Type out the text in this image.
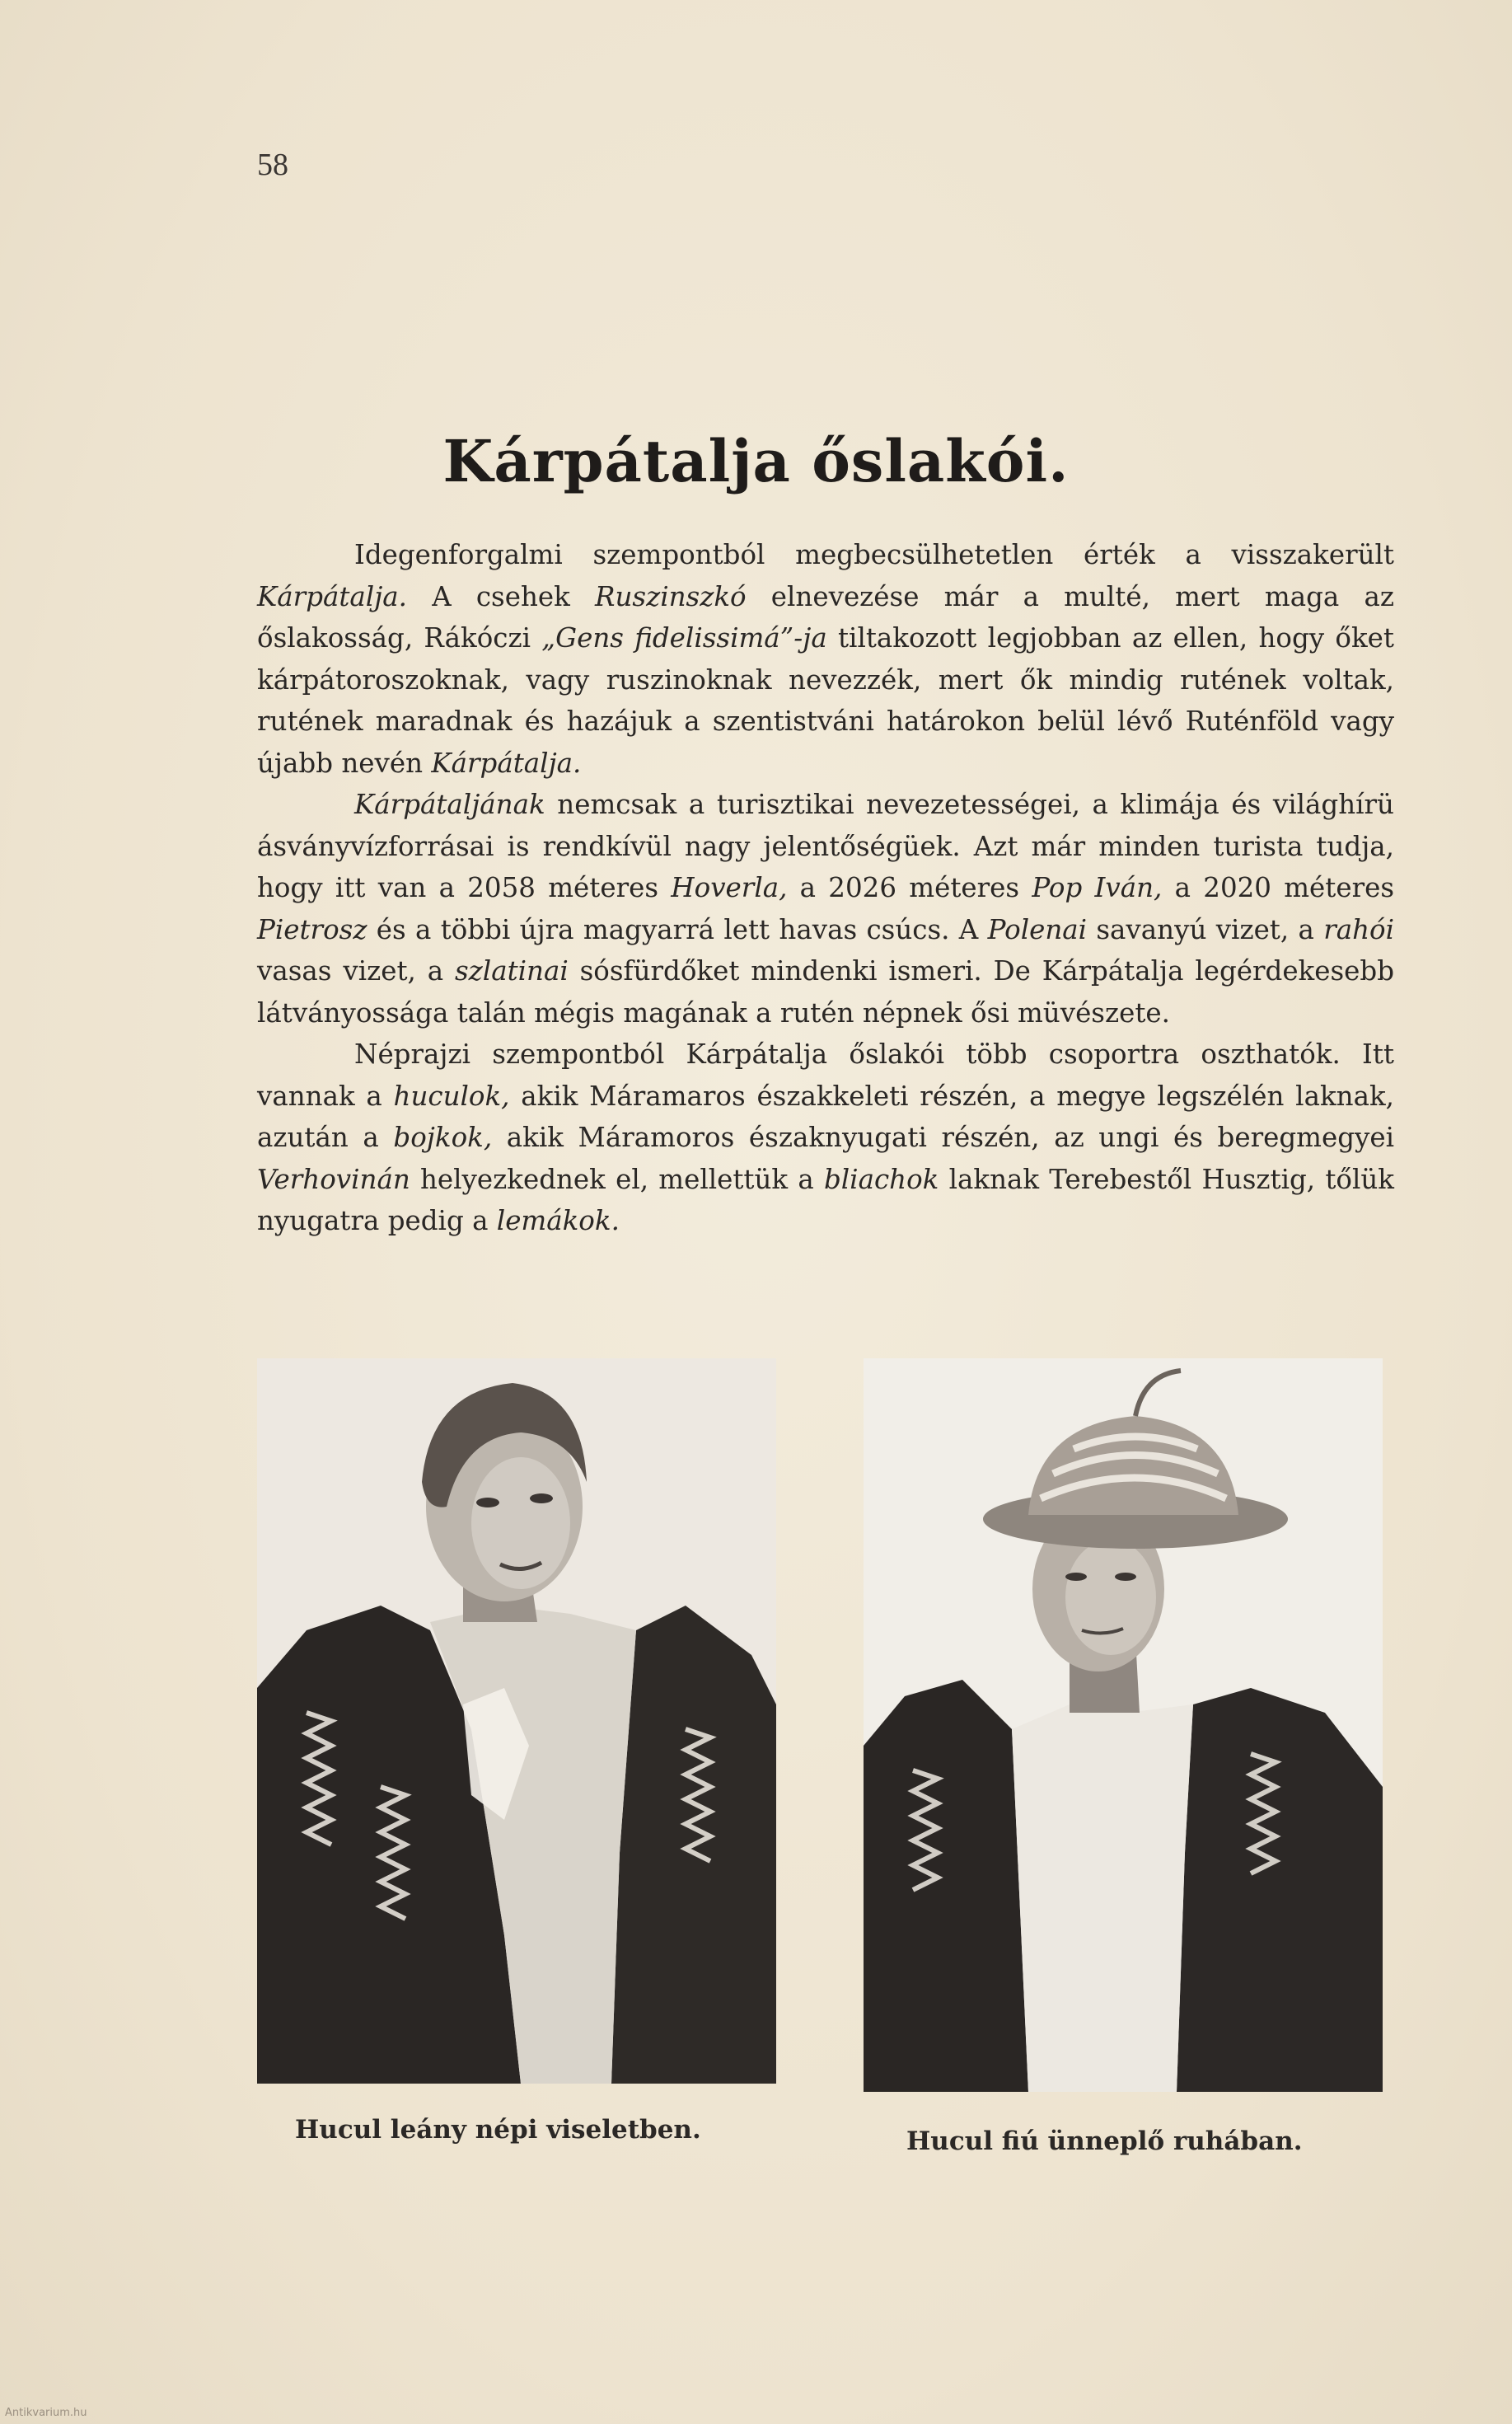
58
Kárpátalja őslakói.

Idegenforgalmi szempontból megbecsülhetetlen érték a visszakerült Kárpátalja. A csehek Ruszinszkó elnevezése már a multé, mert maga az őslakosság, Rákóczi „Gens fidelissimá”-ja tiltakozott legjobban az ellen, hogy őket kárpátoroszoknak, vagy ruszinoknak nevezzék, mert ők mindig rutének voltak, rutének maradnak és hazájuk a szentistváni határokon belül lévő Ruténföld vagy újabb nevén Kárpátalja.

Kárpátaljának nemcsak a turisztikai nevezetességei, a klimája és világhírü ásványvízforrásai is rendkívül nagy jelentőségüek. Azt már minden turista tudja, hogy itt van a 2058 méteres Hoverla, a 2026 méteres Pop Iván, a 2020 méteres Pietrosz és a többi újra magyarrá lett havas csúcs. A Polenai savanyú vizet, a rahói vasas vizet, a szlatinai sósfürdőket mindenki ismeri. De Kárpátalja legérdekesebb látványossága talán mégis magának a rutén népnek ősi müvészete.

Néprajzi szempontból Kárpátalja őslakói több csoportra oszthatók. Itt vannak a huculok, akik Máramaros északkeleti részén, a megye legszélén laknak, azután a bojkok, akik Máramoros északnyugati részén, az ungi és beregmegyei Verhovinán helyezkednek el, mellettük a bliachok laknak Terebestől Husztig, tőlük nyugatra pedig a lemákok.

Hucul leány népi viseletben.	Hucul fiú ünneplő ruhában.
Antikvarium.hu
